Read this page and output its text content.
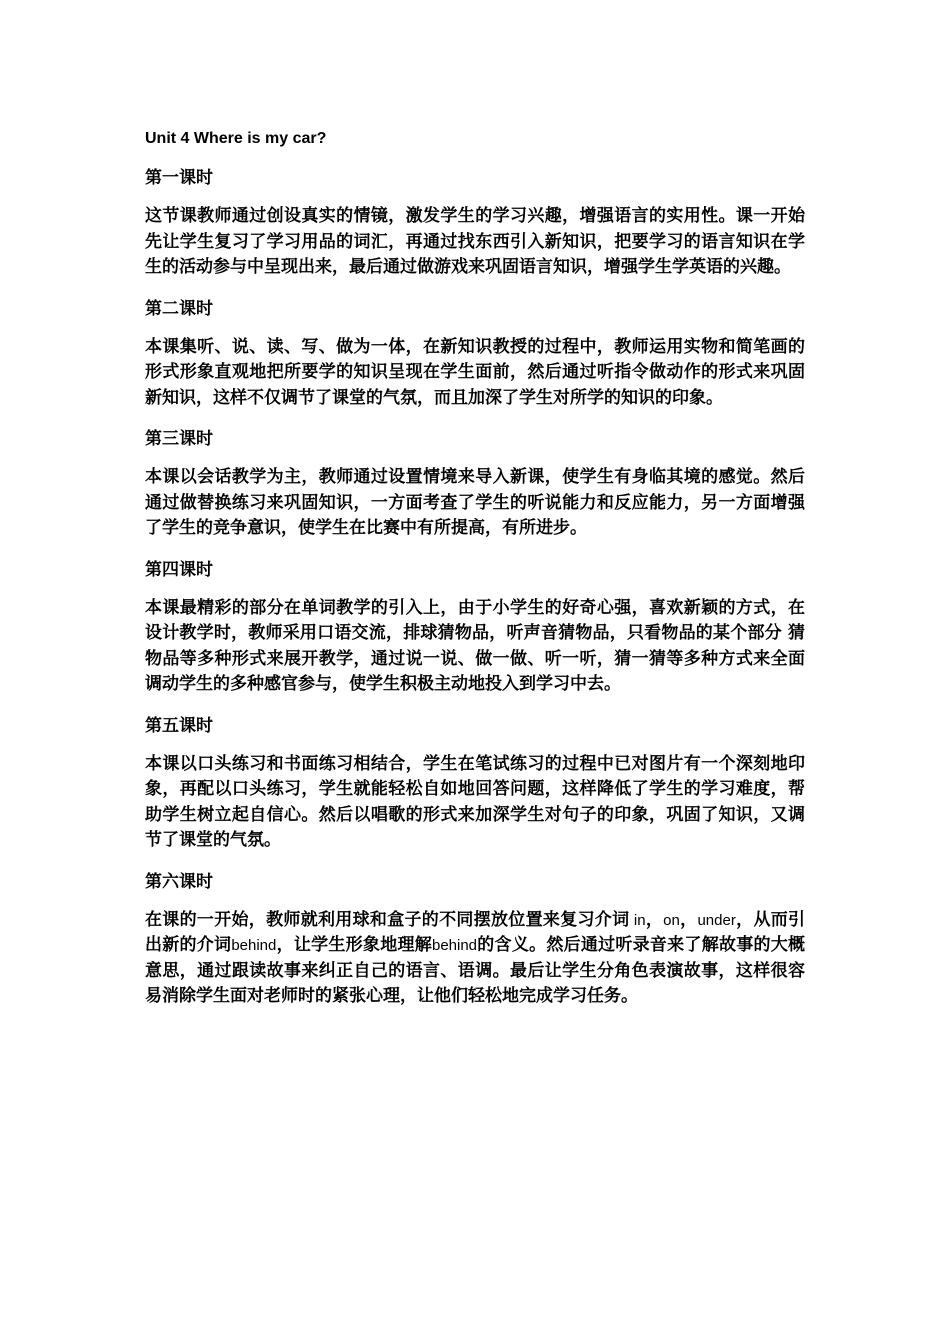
Unit 4 Where is my car?
第一课时
这节课教师通过创设真实的情镜，激发学生的学习兴趣，增强语言的实用性。课一开始先让学生复习了学习用品的词汇，再通过找东西引入新知识，把要学习的语言知识在学生的活动参与中呈现出来，最后通过做游戏来巩固语言知识，增强学生学英语的兴趣。
第二课时
本课集听、说、读、写、做为一体，在新知识教授的过程中，教师运用实物和简笔画的形式形象直观地把所要学的知识呈现在学生面前，然后通过听指令做动作的形式来巩固新知识，这样不仅调节了课堂的气氛，而且加深了学生对所学的知识的印象。
第三课时
本课以会话教学为主，教师通过设置情境来导入新课，使学生有身临其境的感觉。然后通过做替换练习来巩固知识，一方面考查了学生的听说能力和反应能力，另一方面增强了学生的竞争意识，使学生在比赛中有所提高，有所进步。
第四课时
本课最精彩的部分在单词教学的引入上，由于小学生的好奇心强，喜欢新颖的方式，在设计教学时，教师采用口语交流，排球猜物品，听声音猜物品，只看物品的某个部分 猜物品等多种形式来展开教学，通过说一说、做一做、听一听，猜一猜等多种方式来全面调动学生的多种感官参与，使学生积极主动地投入到学习中去。
第五课时
本课以口头练习和书面练习相结合，学生在笔试练习的过程中已对图片有一个深刻地印象，再配以口头练习，学生就能轻松自如地回答问题，这样降低了学生的学习难度，帮助学生树立起自信心。然后以唱歌的形式来加深学生对句子的印象，巩固了知识，又调节了课堂的气氛。
第六课时
在课的一开始，教师就利用球和盒子的不同摆放位置来复习介词 in，on，under，从而引出新的介词behind，让学生形象地理解behind的含义。然后通过听录音来了解故事的大概意思，通过跟读故事来纠正自己的语言、语调。最后让学生分角色表演故事，这样很容易消除学生面对老师时的紧张心理，让他们轻松地完成学习任务。
